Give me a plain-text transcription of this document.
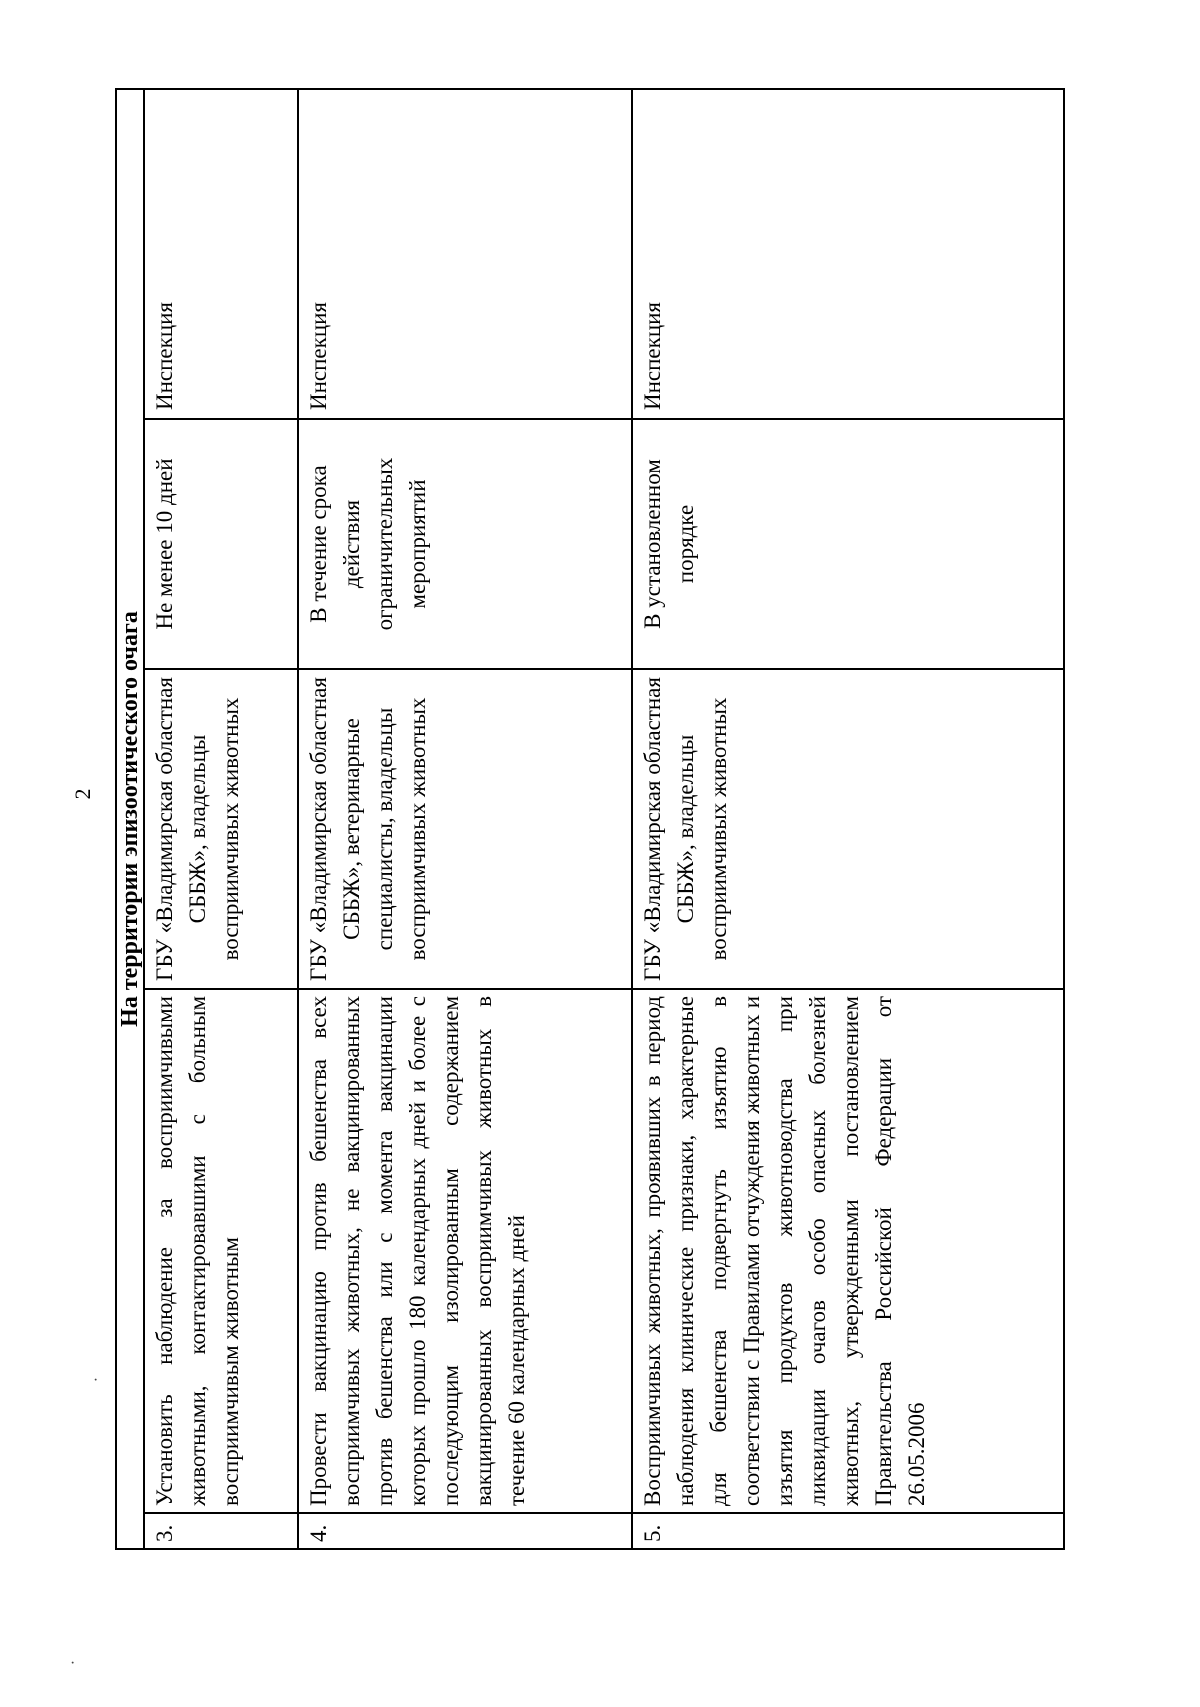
2
·
·
На территории эпизоотического очага				
3.	Установить наблюдение за восприимчивыми животными, контактировавшими с больным восприимчивым животным	ГБУ «Владимирская областная СББЖ», владельцы восприимчивых животных	Не менее 10 дней	Инспекция
4.	Провести вакцинацию против бешенства всех восприимчивых животных, не вакцинированных против бешенства или с момента вакцинации которых прошло 180 календарных дней и более с последующим изолированным содержанием вакцинированных восприимчивых животных в течение 60 календарных дней	ГБУ «Владимирская областная СББЖ», ветеринарные специалисты, владельцы восприимчивых животных	В течение срока действия ограничительных мероприятий	Инспекция
5.	Восприимчивых животных, проявивших в период наблюдения клинические признаки, характерные для бешенства подвергнуть изъятию в соответствии с Правилами отчуждения животных и изъятия продуктов животноводства при ликвидации очагов особо опасных болезней животных, утвержденными постановлением Правительства Российской Федерации от 26.05.2006	ГБУ «Владимирская областная СББЖ», владельцы восприимчивых животных	В установленном порядке	Инспекция
